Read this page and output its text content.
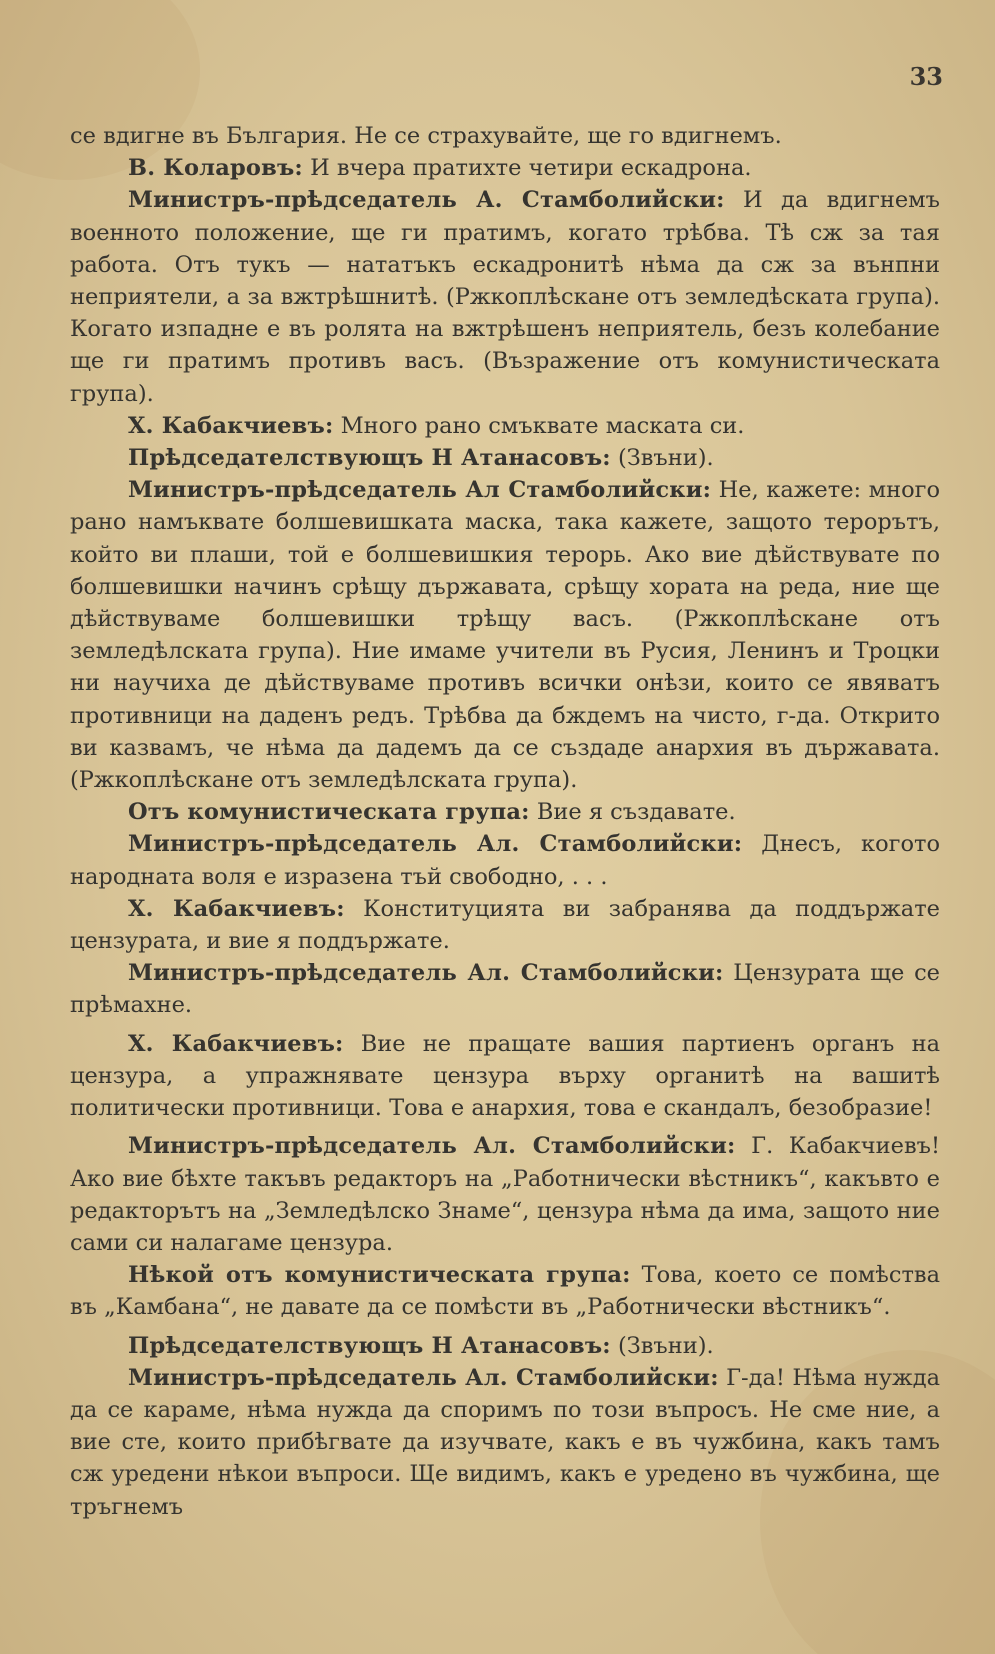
33

се вдигне въ България. Не се страхувайте, ще го вдигнемъ.

В. Коларовъ: И вчера пратихте четири ескадрона.

Министръ-прѣдседатель А. Стамболийски: И да вдигнемъ военното положение, ще ги пратимъ, когато трѣбва. Тѣ сж за тая работа. Отъ тукъ — нататъкъ ескадронитѣ нѣма да сж за вънпни неприятели, а за вжтрѣшнитѣ. (Ржкоплѣскане отъ земледѣската група). Когато изпадне е въ ролята на вжтрѣшенъ неприятель, безъ колебание ще ги пратимъ противъ васъ. (Възражение отъ комунистическата група).

Х. Кабакчиевъ: Много рано смъквате маската си.

Прѣдседателствующъ Н Атанасовъ: (Звъни).

Министръ-прѣдседатель Ал Стамболийски: Не, кажете: много рано намъквате болшевишката маска, така кажете, защото терорътъ, който ви плаши, той е болшевишкия терорь. Ако вие дѣйствувате по болшевишки начинъ срѣщу държавата, срѣщу хората на реда, ние ще дѣйствуваме болшевишки трѣщу васъ. (Ржкоплѣскане отъ земледѣлската група). Ние имаме учители въ Русия, Ленинъ и Троцки ни научиха де дѣйствуваме противъ всички онѣзи, които се явяватъ противници на даденъ редъ. Трѣбва да бждемъ на чисто, г-да. Открито ви казвамъ, че нѣма да дадемъ да се създаде анархия въ държавата. (Ржкоплѣскане отъ земледѣлската група).

Отъ комунистическата група: Вие я създавате.

Министръ-прѣдседатель Ал. Стамболийски: Днесъ, когото народната воля е изразена тъй свободно, . . .

Х. Кабакчиевъ: Конституцията ви забранява да поддържате цензурата, и вие я поддържате.

Министръ-прѣдседатель Ал. Стамболийски: Цензурата ще се прѣмахне.

Х. Кабакчиевъ: Вие не пращате вашия партиенъ органъ на цензура, а упражнявате цензура върху органитѣ на вашитѣ политически противници. Това е анархия, това е скандалъ, безобразие!

Министръ-прѣдседатель Ал. Стамболийски: Г. Кабакчиевъ! Ако вие бѣхте такъвъ редакторъ на „Работнически вѣстникъ“, какъвто е редакторътъ на „Земледѣлско Знаме“, цензура нѣма да има, защото ние сами си налагаме цензура.

Нѣкой отъ комунистическата група: Това, което се помѣства въ „Камбана“, не давате да се помѣсти въ „Работнически вѣстникъ“.

Прѣдседателствующъ Н Атанасовъ: (Звъни).

Министръ-прѣдседатель Ал. Стамболийски: Г-да! Нѣма нужда да се караме, нѣма нужда да споримъ по този въпросъ. Не сме ние, а вие сте, които прибѣгвате да изучвате, какъ е въ чужбина, какъ тамъ сж уредени нѣкои въпроси. Ще видимъ, какъ е уредено въ чужбина, ще тръгнемъ
